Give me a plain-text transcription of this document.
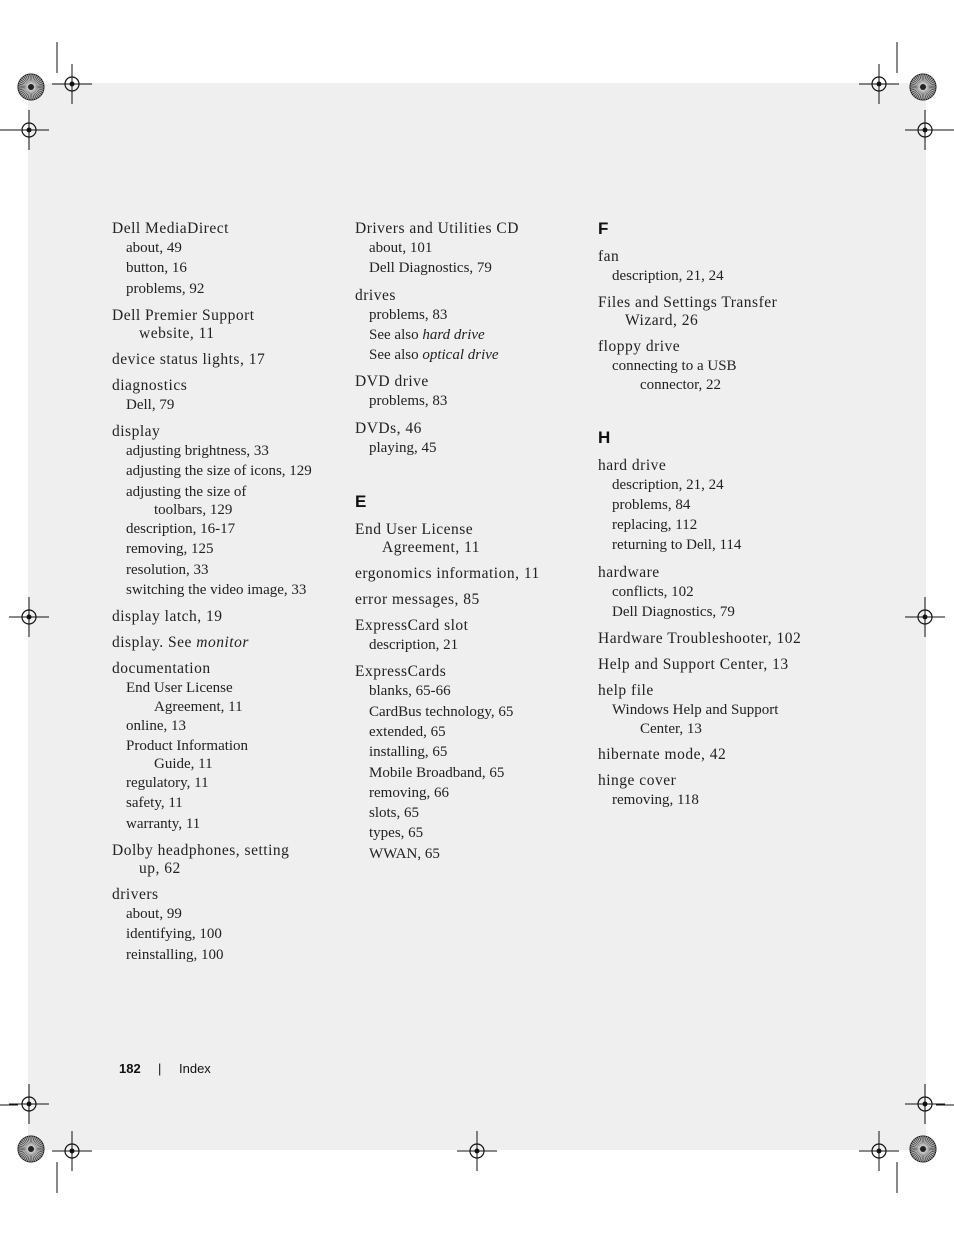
Dell MediaDirect
about, 49
button, 16
problems, 92
Dell Premier Support
website, 11
device status lights, 17
diagnostics
Dell, 79
display
adjusting brightness, 33
adjusting the size of icons, 129
adjusting the size of
toolbars, 129
description, 16-17
removing, 125
resolution, 33
switching the video image, 33
display latch, 19
display. See monitor
documentation
End User License
Agreement, 11
online, 13
Product Information
Guide, 11
regulatory, 11
safety, 11
warranty, 11
Dolby headphones, setting
up, 62
drivers
about, 99
identifying, 100
reinstalling, 100
Drivers and Utilities CD
about, 101
Dell Diagnostics, 79
drives
problems, 83
See also hard drive
See also optical drive
DVD drive
problems, 83
DVDs, 46
playing, 45
E
End User License
Agreement, 11
ergonomics information, 11
error messages, 85
ExpressCard slot
description, 21
ExpressCards
blanks, 65-66
CardBus technology, 65
extended, 65
installing, 65
Mobile Broadband, 65
removing, 66
slots, 65
types, 65
WWAN, 65
F
fan
description, 21, 24
Files and Settings Transfer
Wizard, 26
floppy drive
connecting to a USB
connector, 22
H
hard drive
description, 21, 24
problems, 84
replacing, 112
returning to Dell, 114
hardware
conflicts, 102
Dell Diagnostics, 79
Hardware Troubleshooter, 102
Help and Support Center, 13
help file
Windows Help and Support
Center, 13
hibernate mode, 42
hinge cover
removing, 118
182 | Index
